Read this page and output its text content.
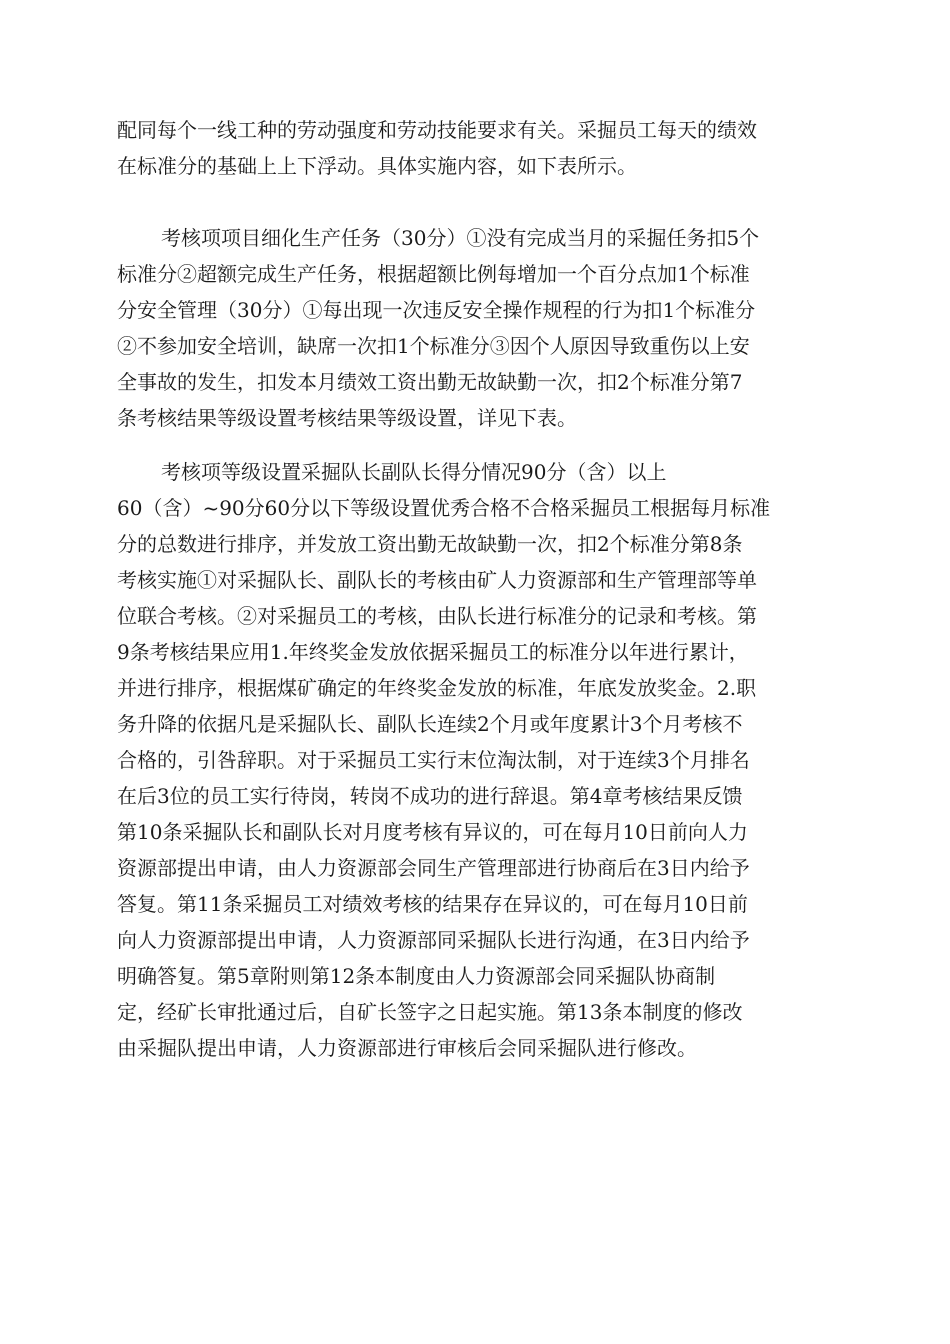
配同每个一线工种的劳动强度和劳动技能要求有关。采掘员工每天的绩效
在标准分的基础上上下浮动。具体实施内容，如下表所示。

考核项项目细化生产任务（30分）①没有完成当月的采掘任务扣5个
标准分②超额完成生产任务，根据超额比例每增加一个百分点加1个标准
分安全管理（30分）①每出现一次违反安全操作规程的行为扣1个标准分
②不参加安全培训，缺席一次扣1个标准分③因个人原因导致重伤以上安
全事故的发生，扣发本月绩效工资出勤无故缺勤一次，扣2个标准分第7
条考核结果等级设置考核结果等级设置，详见下表。

考核项等级设置采掘队长副队长得分情况90分（含）以上
60（含）~90分60分以下等级设置优秀合格不合格采掘员工根据每月标准
分的总数进行排序，并发放工资出勤无故缺勤一次，扣2个标准分第8条
考核实施①对采掘队长、副队长的考核由矿人力资源部和生产管理部等单
位联合考核。②对采掘员工的考核，由队长进行标准分的记录和考核。第
9条考核结果应用1.年终奖金发放依据采掘员工的标准分以年进行累计，
并进行排序，根据煤矿确定的年终奖金发放的标准，年底发放奖金。2.职
务升降的依据凡是采掘队长、副队长连续2个月或年度累计3个月考核不
合格的，引咎辞职。对于采掘员工实行末位淘汰制，对于连续3个月排名
在后3位的员工实行待岗，转岗不成功的进行辞退。第4章考核结果反馈
第10条采掘队长和副队长对月度考核有异议的，可在每月10日前向人力
资源部提出申请，由人力资源部会同生产管理部进行协商后在3日内给予
答复。第11条采掘员工对绩效考核的结果存在异议的，可在每月10日前
向人力资源部提出申请，人力资源部同采掘队长进行沟通，在3日内给予
明确答复。第5章附则第12条本制度由人力资源部会同采掘队协商制
定，经矿长审批通过后，自矿长签字之日起实施。第13条本制度的修改
由采掘队提出申请，人力资源部进行审核后会同采掘队进行修改。
